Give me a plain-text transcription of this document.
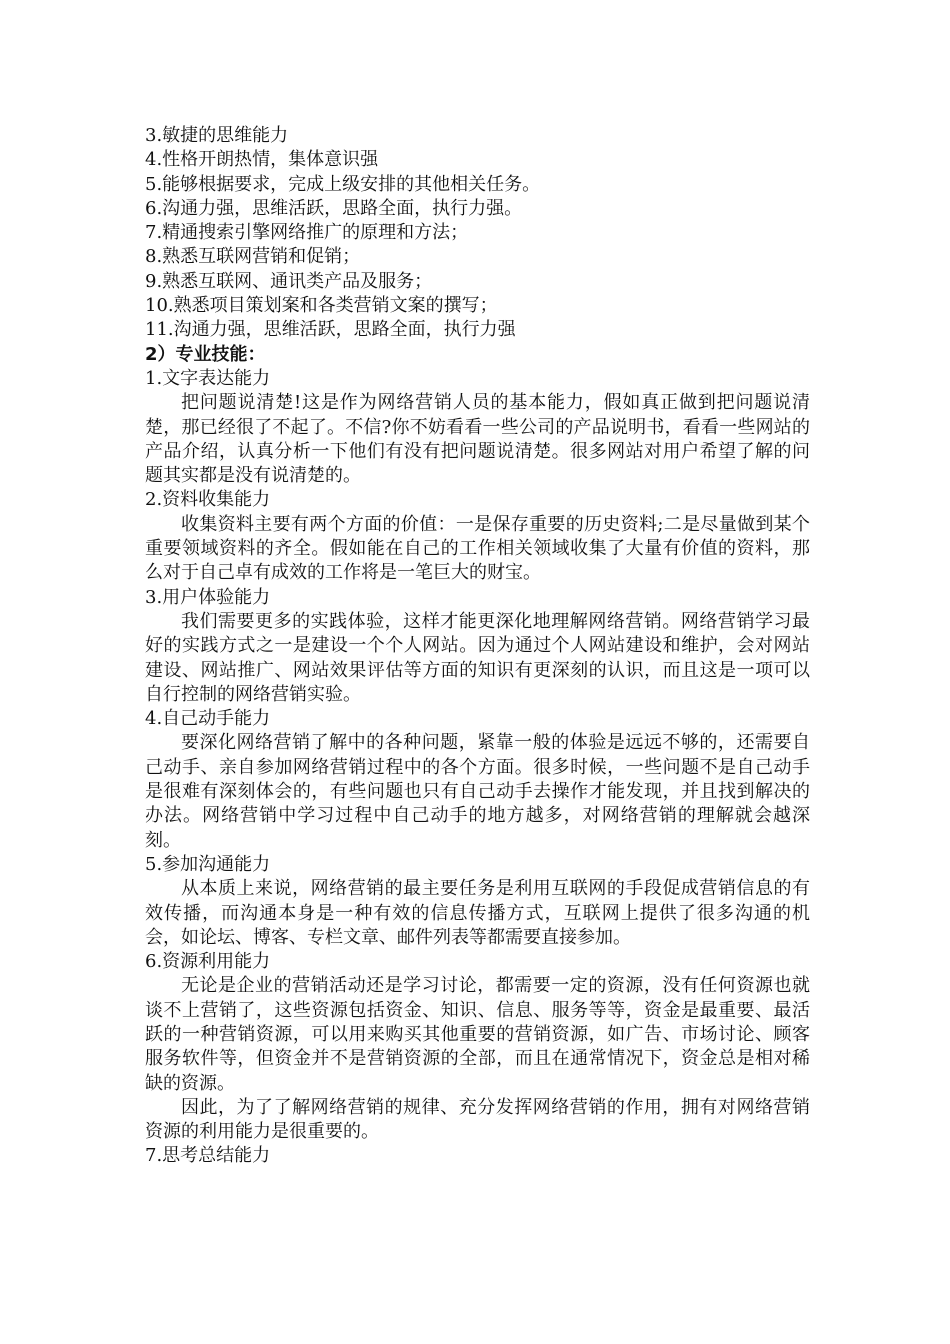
3.敏捷的思维能力
4.性格开朗热情，集体意识强
5.能够根据要求，完成上级安排的其他相关任务。
6.沟通力强，思维活跃，思路全面，执行力强。
7.精通搜索引擎网络推广的原理和方法；
8.熟悉互联网营销和促销；
9.熟悉互联网、通讯类产品及服务；
10.熟悉项目策划案和各类营销文案的撰写；
11.沟通力强，思维活跃，思路全面，执行力强
2）专业技能：
1.文字表达能力
把问题说清楚!这是作为网络营销人员的基本能力，假如真正做到把问题说清楚，那已经很了不起了。不信?你不妨看看一些公司的产品说明书，看看一些网站的产品介绍，认真分析一下他们有没有把问题说清楚。很多网站对用户希望了解的问题其实都是没有说清楚的。
2.资料收集能力
收集资料主要有两个方面的价值：一是保存重要的历史资料;二是尽量做到某个重要领域资料的齐全。假如能在自己的工作相关领域收集了大量有价值的资料，那么对于自己卓有成效的工作将是一笔巨大的财宝。
3.用户体验能力
我们需要更多的实践体验，这样才能更深化地理解网络营销。网络营销学习最好的实践方式之一是建设一个个人网站。因为通过个人网站建设和维护，会对网站建设、网站推广、网站效果评估等方面的知识有更深刻的认识，而且这是一项可以自行控制的网络营销实验。
4.自己动手能力
要深化网络营销了解中的各种问题，紧靠一般的体验是远远不够的，还需要自己动手、亲自参加网络营销过程中的各个方面。很多时候，一些问题不是自己动手是很难有深刻体会的，有些问题也只有自己动手去操作才能发现，并且找到解决的办法。网络营销中学习过程中自己动手的地方越多，对网络营销的理解就会越深刻。
5.参加沟通能力
从本质上来说，网络营销的最主要任务是利用互联网的手段促成营销信息的有效传播，而沟通本身是一种有效的信息传播方式，互联网上提供了很多沟通的机会，如论坛、博客、专栏文章、邮件列表等都需要直接参加。
6.资源利用能力
无论是企业的营销活动还是学习讨论，都需要一定的资源，没有任何资源也就谈不上营销了，这些资源包括资金、知识、信息、服务等等，资金是最重要、最活跃的一种营销资源，可以用来购买其他重要的营销资源，如广告、市场讨论、顾客服务软件等，但资金并不是营销资源的全部，而且在通常情况下，资金总是相对稀缺的资源。
因此，为了了解网络营销的规律、充分发挥网络营销的作用，拥有对网络营销资源的利用能力是很重要的。
7.思考总结能力
